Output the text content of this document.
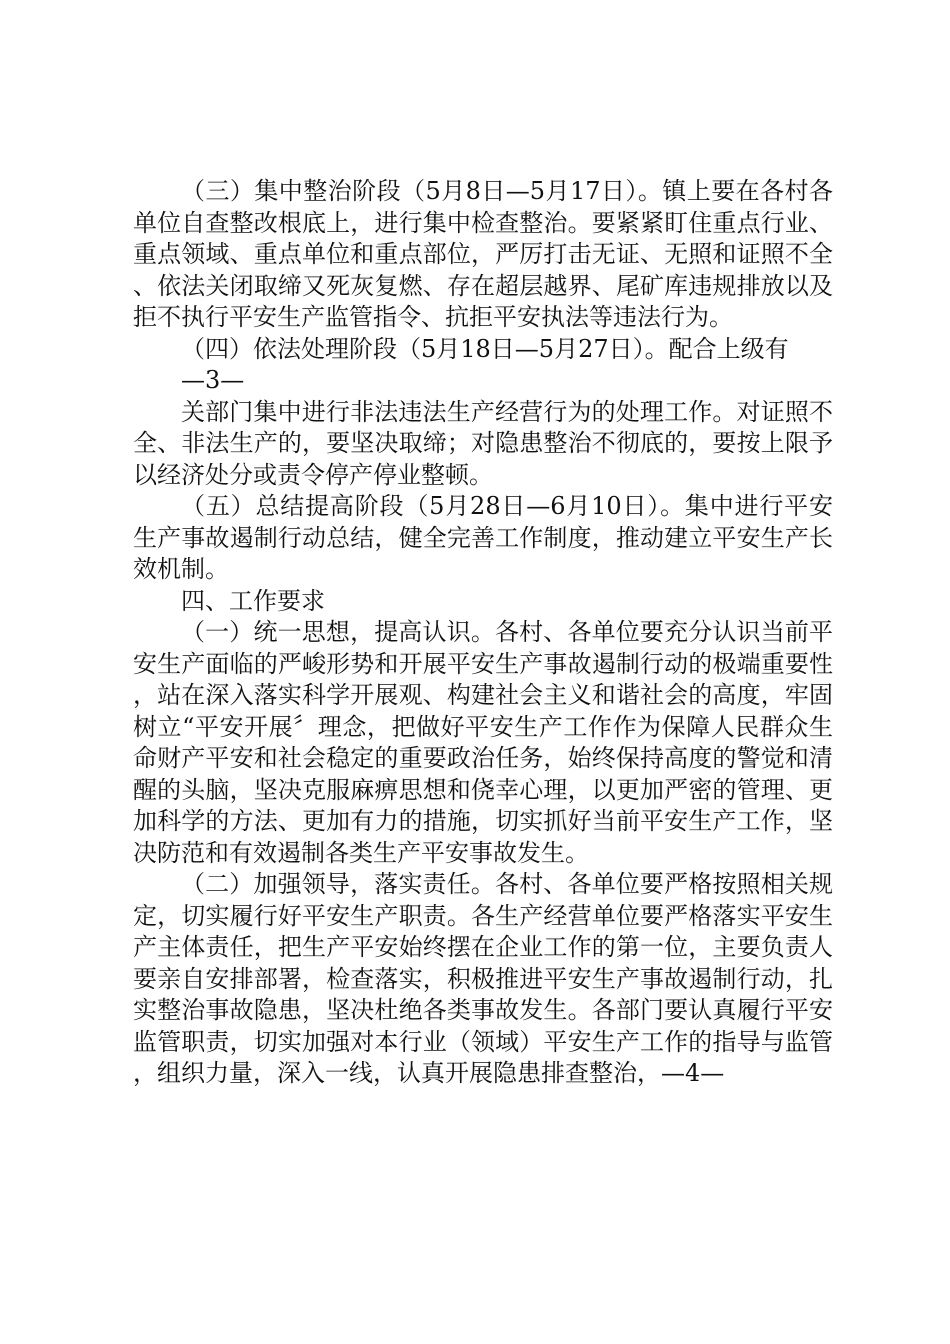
（三）集中整治阶段（5月8日—5月17日）。镇上要在各村各单位自查整改根底上，进行集中检查整治。要紧紧盯住重点行业、重点领域、重点单位和重点部位，严厉打击无证、无照和证照不全、依法关闭取缔又死灰复燃、存在超层越界、尾矿库违规排放以及拒不执行平安生产监管指令、抗拒平安执法等违法行为。

（四）依法处理阶段（5月18日—5月27日）。配合上级有

—3—

关部门集中进行非法违法生产经营行为的处理工作。对证照不全、非法生产的，要坚决取缔；对隐患整治不彻底的，要按上限予以经济处分或责令停产停业整顿。

（五）总结提高阶段（5月28日—6月10日）。集中进行平安生产事故遏制行动总结，健全完善工作制度，推动建立平安生产长效机制。

四、工作要求

（一）统一思想，提高认识。各村、各单位要充分认识当前平安生产面临的严峻形势和开展平安生产事故遏制行动的极端重要性，站在深入落实科学开展观、构建社会主义和谐社会的高度，牢固树立“平安开展〞理念，把做好平安生产工作作为保障人民群众生命财产平安和社会稳定的重要政治任务，始终保持高度的警觉和清醒的头脑，坚决克服麻痹思想和侥幸心理，以更加严密的管理、更加科学的方法、更加有力的措施，切实抓好当前平安生产工作，坚决防范和有效遏制各类生产平安事故发生。

（二）加强领导，落实责任。各村、各单位要严格按照相关规定，切实履行好平安生产职责。各生产经营单位要严格落实平安生产主体责任，把生产平安始终摆在企业工作的第一位，主要负责人要亲自安排部署，检查落实，积极推进平安生产事故遏制行动，扎实整治事故隐患，坚决杜绝各类事故发生。各部门要认真履行平安监管职责，切实加强对本行业（领域）平安生产工作的指导与监管，组织力量，深入一线，认真开展隐患排查整治，—4—
